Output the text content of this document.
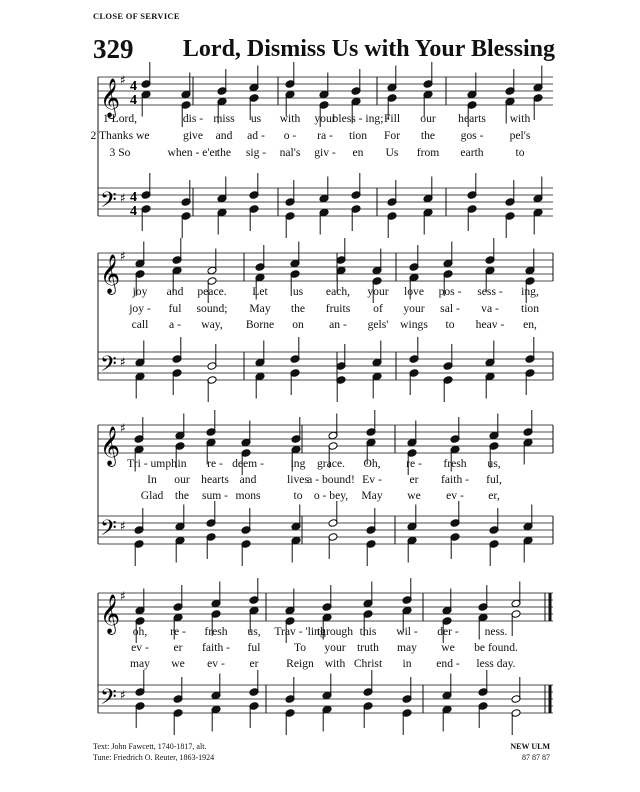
CLOSE OF SERVICE
329 Lord, Dismiss Us with Your Blessing
𝄞 ♯ 4
4
𝄢 ♯ 4
4
𝄞 ♯
𝄢 ♯
𝄞 ♯
𝄢 ♯
𝄞 ♯
𝄢 ♯
1 Lord,	dis - miss us with your
bless - ing; Fill our hearts with
2 Thanks we	give and ad - o - ra - tion For the gos - pel's
3 So	when - e'er
the sig - nal's giv - en Us from earth	to
joy and peace. Let us each, your love pos - sess - ing,
joy - ful sound; May the fruits of your sal - va - tion
call a - way, Borne on an - gels' wings to heav - en,
Tri - umph in re - deem - ing grace. Oh, re - fresh us,
In our hearts and	lives
a - bound! Ev - er faith - ful,
Glad the sum - mons	to o - bey, May we ev - er,
oh, re - fresh us, Trav - 'ling
through this wil - der - ness.
ev - er faith - ful	To your truth may we be found.
may we ev - er Reign with Christ in end - less day.
Text: John Fawcett, 1740-1817, alt.
Tune: Friedrich O. Reuter, 1863-1924
NEW ULM
87 87 87
